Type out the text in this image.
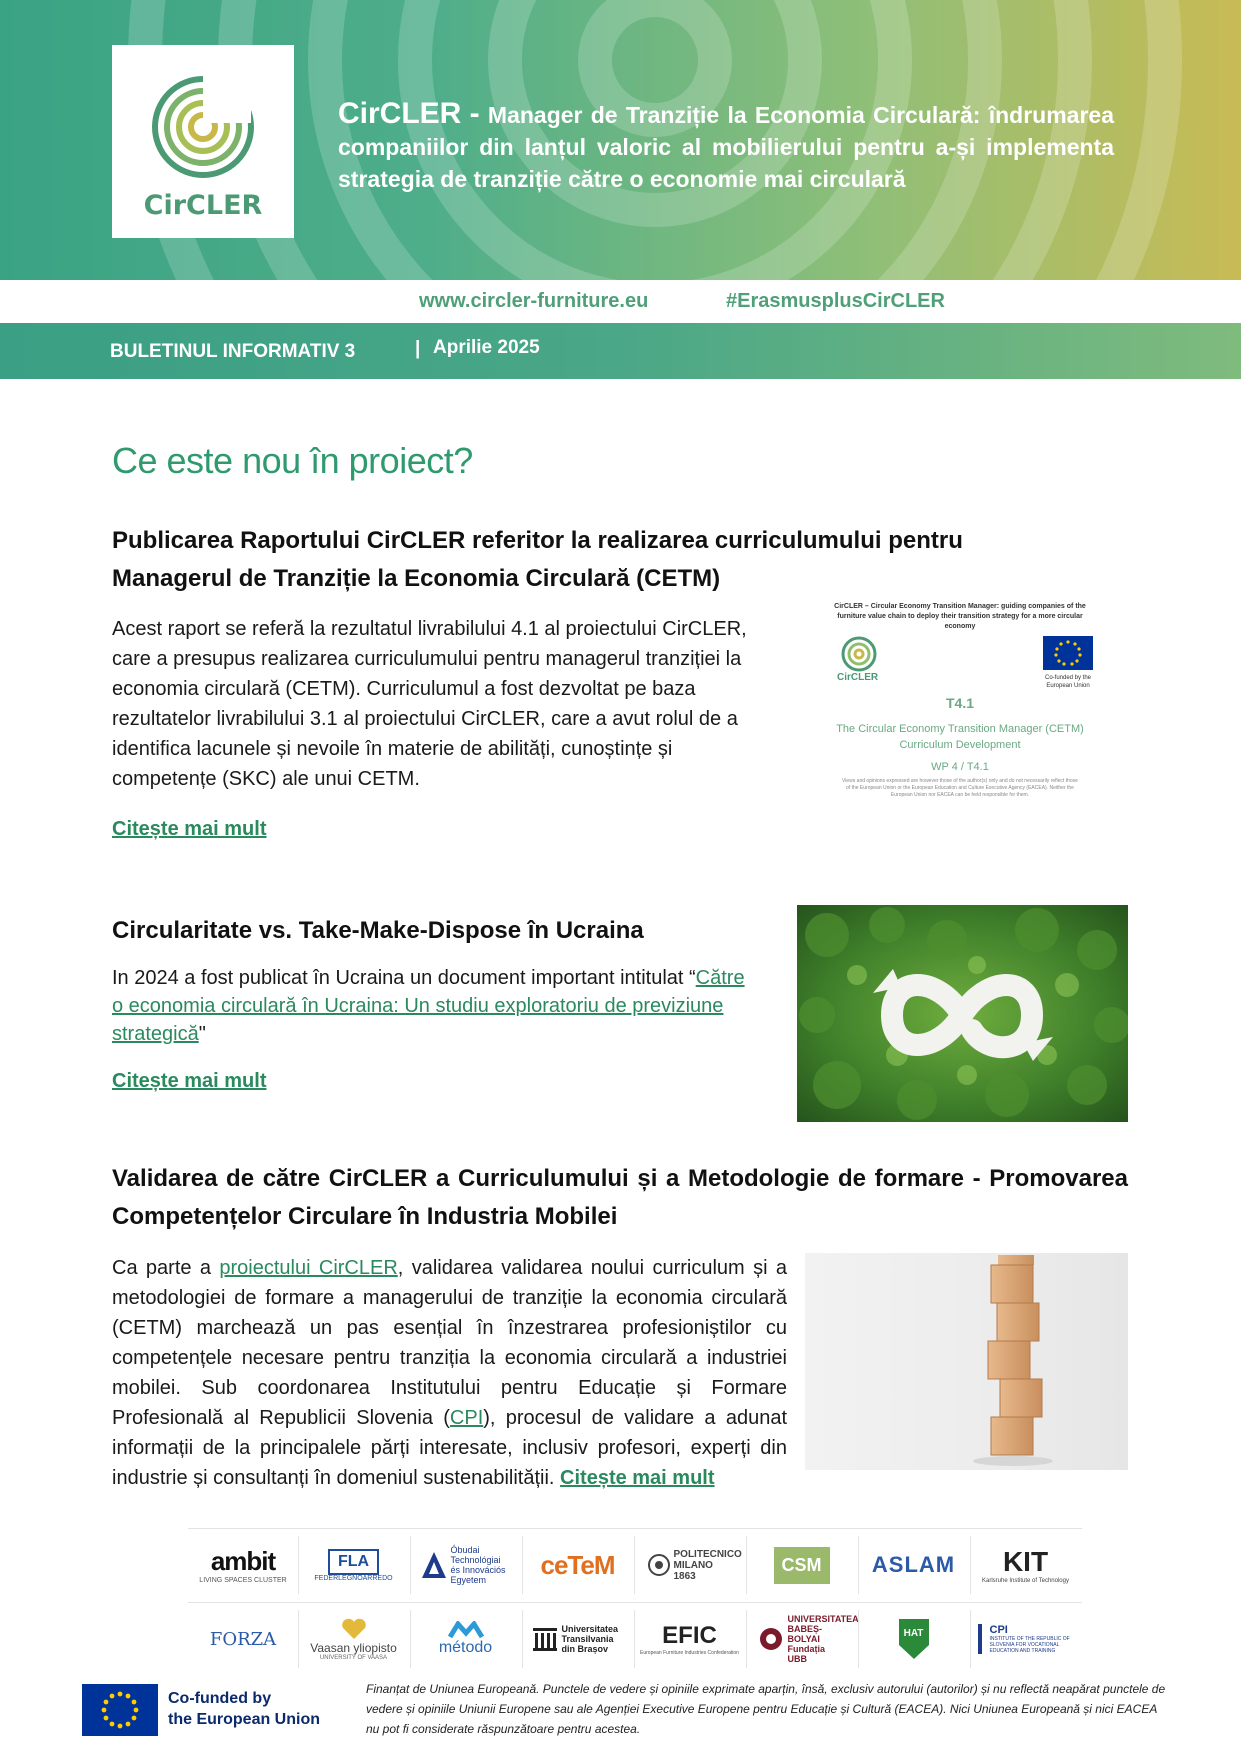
CirCLER
CirCLER - Manager de Tranziție la Economia Circulară: îndrumarea companiilor din lanțul valoric al mobilierului pentru a-și implementa strategia de tranziție către o economie mai circulară
www.circler-furniture.eu	#ErasmusplusCirCLER
BULETINUL INFORMATIV 3	| Aprilie 2025
Ce este nou în proiect?
Publicarea Raportului CirCLER referitor la realizarea curriculumului pentru Managerul de Tranziție la Economia Circulară (CETM)
Acest raport se referă la rezultatul livrabilului 4.1 al proiectului CirCLER, care a presupus realizarea curriculumului pentru managerul tranziției la economia circulară (CETM). Curriculumul a fost dezvoltat pe baza rezultatelor livrabilului 3.1 al proiectului CirCLER, care a avut rolul de a identifica lacunele și nevoile în materie de abilități, cunoștințe și competențe (SKC) ale unui CETM.
Citește mai mult
CirCLER – Circular Economy Transition Manager: guiding companies of the furniture value chain to deploy their transition strategy for a more circular economy
CirCLER	Co-funded by the European Union
T4.1
The Circular Economy Transition Manager (CETM) Curriculum Development
WP 4 / T4.1
Views and opinions expressed are however those of the author(s) only and do not necessarily reflect those of the European Union or the European Education and Culture Executive Agency (EACEA). Neither the European Union nor EACEA can be held responsible for them.
Circularitate vs. Take-Make-Dispose în Ucraina
In 2024 a fost publicat în Ucraina un document important intitulat “Către o economia circulară în Ucraina: Un studiu exploratoriu de previziune strategică"
Citește mai mult
Validarea de către CirCLER a Curriculumului și a Metodologie de formare - Promovarea Competențelor Circulare în Industria Mobilei
Ca parte a proiectului CirCLER, validarea validarea noului curriculum și a metodologiei de formare a managerului de tranziție la economia circulară (CETM) marchează un pas esențial în înzestrarea profesioniștilor cu competențele necesare pentru tranziția la economia circulară a industriei mobilei. Sub coordonarea Institutului pentru Educație și Formare Profesională al Republicii Slovenia (CPI), procesul de validare a adunat informații de la principalele părți interesate, inclusiv profesori, experți din industrie și consultanți în domeniul sustenabilității. Citește mai mult
ambit
LIVING SPACES CLUSTER
FLA
FEDERLEGNOARREDO
Óbudai Technológiai és Innovációs Egyetem
ceTeM	POLITECNICO MILANO 1863
CSM	ASLAM KIT
Karlsruhe Institute of Technology
FORZA	Vaasan yliopisto
UNIVERSITY OF VAASA
método
Universitatea Transilvania din Brașov	EFIC
European Furniture Industries Confederation
UNIVERSITATEA BABEȘ-BOLYAI Fundația UBB
HAT	CPI
INSTITUTE OF THE REPUBLIC OF SLOVENIA FOR VOCATIONAL EDUCATION AND TRAINING
Co-funded by
the European Union
Finanțat de Uniunea Europeană. Punctele de vedere și opiniile exprimate aparțin, însă, exclusiv autorului (autorilor) și nu reflectă neapărat punctele de vedere și opiniile Uniunii Europene sau ale Agenției Executive Europene pentru Educație și Cultură (EACEA). Nici Uniunea Europeană și nici EACEA nu pot fi considerate răspunzătoare pentru acestea.
